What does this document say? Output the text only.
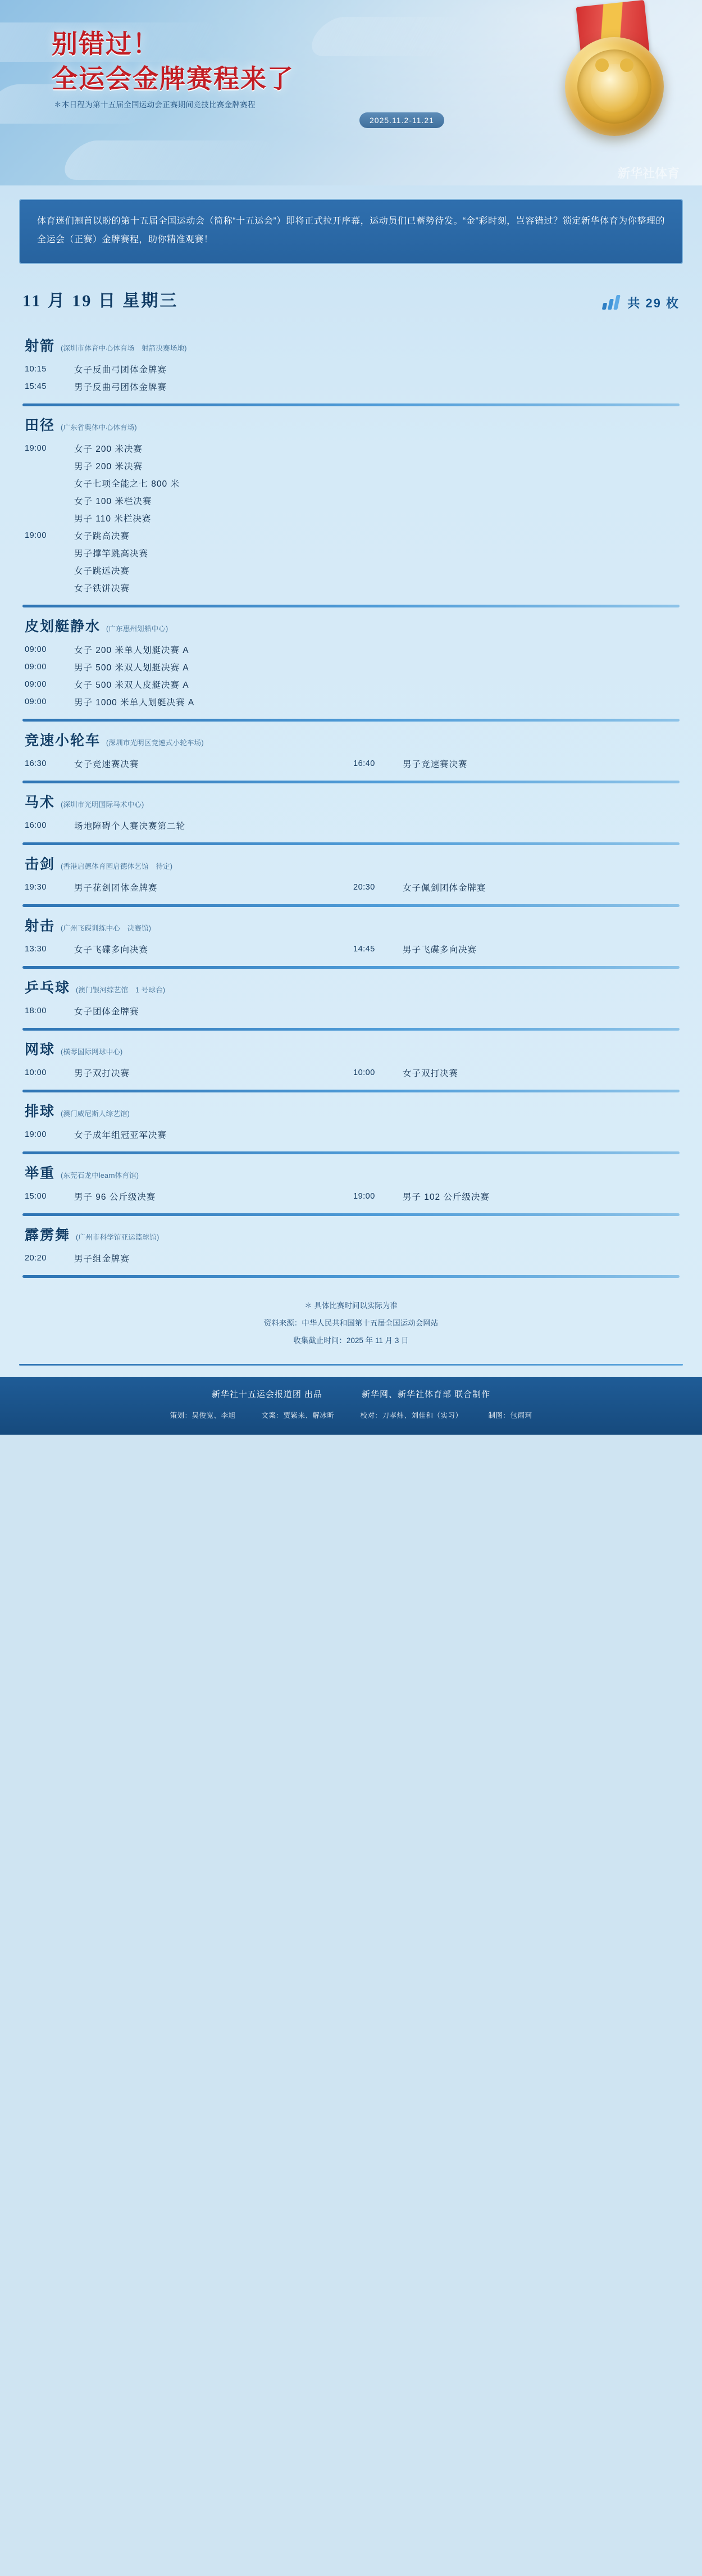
别错过！
全运会金牌赛程来了
＊本日程为第十五届全国运动会正赛期间竞技比赛金牌赛程
2025.11.2-11.21
新华社体育

体育迷们翘首以盼的第十五届全国运动会（简称“十五运会”）即将正式拉开序幕，运动员们已蓄势待发。“金”彩时刻，岂容错过？锁定新华体育为你整理的全运会（正赛）金牌赛程，助你精准观赛！

11 月 19 日 星期三	共 29 枚
射箭 (深圳市体育中心体育场　射箭决赛场地)
10:15	女子反曲弓团体金牌赛
15:45	男子反曲弓团体金牌赛
田径 (广东省奥体中心体育场)
19:00	女子 200 米决赛
男子 200 米决赛
女子七项全能之七 800 米
女子 100 米栏决赛
男子 110 米栏决赛
19:00	女子跳高决赛
男子撑竿跳高决赛
女子跳远决赛
女子铁饼决赛
皮划艇静水 (广东惠州划船中心)
09:00	女子 200 米单人划艇决赛 A
09:00	男子 500 米双人划艇决赛 A
09:00	女子 500 米双人皮艇决赛 A
09:00	男子 1000 米单人划艇决赛 A
竞速小轮车 (深圳市光明区竞速式小轮车场)
16:30	女子竞速赛决赛	16:40	男子竞速赛决赛
马术 (深圳市光明国际马术中心)
16:00	场地障碍个人赛决赛第二轮
击剑 (香港启德体育园启德体艺馆　待定)
19:30	男子花剑团体金牌赛	20:30	女子佩剑团体金牌赛
射击 (广州飞碟训练中心　决赛馆)
13:30	女子飞碟多向决赛	14:45	男子飞碟多向决赛
乒乓球 (澳门银河综艺馆　1 号球台)
18:00	女子团体金牌赛
网球 (横琴国际网球中心)
10:00	男子双打决赛	10:00	女子双打决赛
排球 (澳门威尼斯人综艺馆)
19:00	女子成年组冠亚军决赛
举重 (东莞石龙中learn体育馆)
15:00	男子 96 公斤级决赛	19:00	男子 102 公斤级决赛
霹雳舞 (广州市科学馆亚运篮球馆)
20:20	男子组金牌赛
＊ 具体比赛时间以实际为准
资料来源：中华人民共和国第十五届全国运动会网站
收集截止时间：2025 年 11 月 3 日
新华社十五运会报道团 出品	新华网、新华社体育部 联合制作
策划：吴俊宽、李旭	文案：贾紫来、解冰昕	校对：刀孝炜、刘佳和（实习）	制图：包雨珂
